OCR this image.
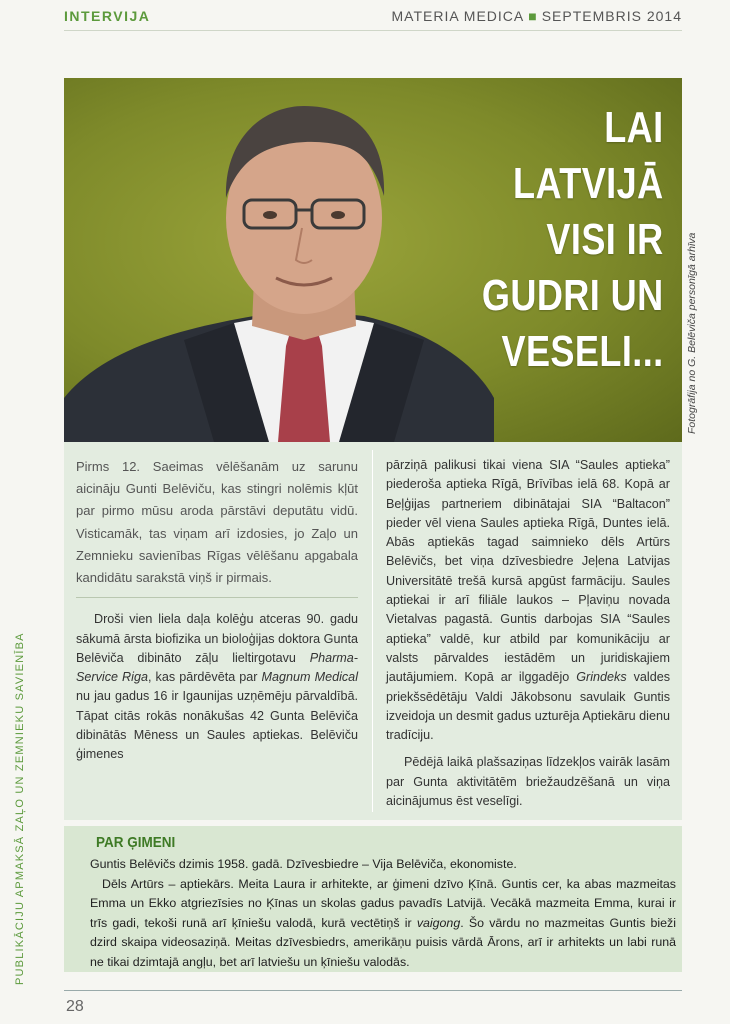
INTERVIJA	MATERIA MEDICA ■ SEPTEMBRIS 2014
LAI
LATVIJĀ
VISI IR
GUDRI UN
VESELI... Fotogrāfija no G. Belēviča personīgā arhīva
PUBLIKĀCIJU APMAKSĀ ZAĻO UN ZEMNIEKU SAVIENĪBA

Pirms 12. Saeimas vēlēšanām uz sarunu aicināju Gunti Belēviču, kas stingri nolēmis kļūt par pirmo mūsu aroda pārstāvi deputātu vidū. Visticamāk, tas viņam arī izdosies, jo Zaļo un Zemnieku savienības Rīgas vēlēšanu apgabala kandidātu sarakstā viņš ir pirmais.

Droši vien liela daļa kolēģu atceras 90. gadu sākumā ārsta biofizika un bioloģijas doktora Gunta Belēviča dibināto zāļu lieltirgotavu Pharma-Service Riga, kas pārdēvēta par Magnum Medical nu jau gadus 16 ir Igaunijas uzņēmēju pārvaldībā. Tāpat citās rokās nonākušas 42 Gunta Belēviča dibinātās Mēness un Saules aptiekas. Belēviču ģimenes

pārziņā palikusi tikai viena SIA “Saules aptieka” piederoša aptieka Rīgā, Brīvības ielā 68. Kopā ar Beļģijas partneriem dibinātajai SIA “Baltacon” pieder vēl viena Saules aptieka Rīgā, Duntes ielā. Abās aptiekās tagad saimnieko dēls Artūrs Belēvičs, bet viņa dzīvesbiedre Jeļena Latvijas Universitātē trešā kursā apgūst farmāciju. Saules aptiekai ir arī filiāle laukos – Pļaviņu novada Vietalvas pagastā. Guntis darbojas SIA “Saules aptieka” valdē, kur atbild par komunikāciju ar valsts pārvaldes iestādēm un juridiskajiem jautājumiem. Kopā ar ilggadējo Grindeks valdes priekšsēdētāju Valdi Jākobsonu savulaik Guntis izveidoja un desmit gadus uzturēja Aptiekāru dienu tradīciju.

Pēdējā laikā plašsaziņas līdzekļos vairāk lasām par Gunta aktivitātēm briežaudzēšanā un viņa aicinājumus ēst veselīgi.

PAR ĢIMENI

Guntis Belēvičs dzimis 1958. gadā. Dzīvesbiedre – Vija Belēviča, ekonomiste.

Dēls Artūrs – aptiekārs. Meita Laura ir arhitekte, ar ģimeni dzīvo Ķīnā. Guntis cer, ka abas mazmeitas Emma un Ekko atgriezīsies no Ķīnas un skolas gadus pavadīs Latvijā. Vecākā mazmeita Emma, kurai ir trīs gadi, tekoši runā arī ķīniešu valodā, kurā vectētiņš ir vaigong. Šo vārdu no mazmeitas Guntis bieži dzird skaipa videosaziņā. Meitas dzīvesbiedrs, amerikāņu puisis vārdā Ārons, arī ir arhitekts un labi runā ne tikai dzimtajā angļu, bet arī latviešu un ķīniešu valodās.

28
